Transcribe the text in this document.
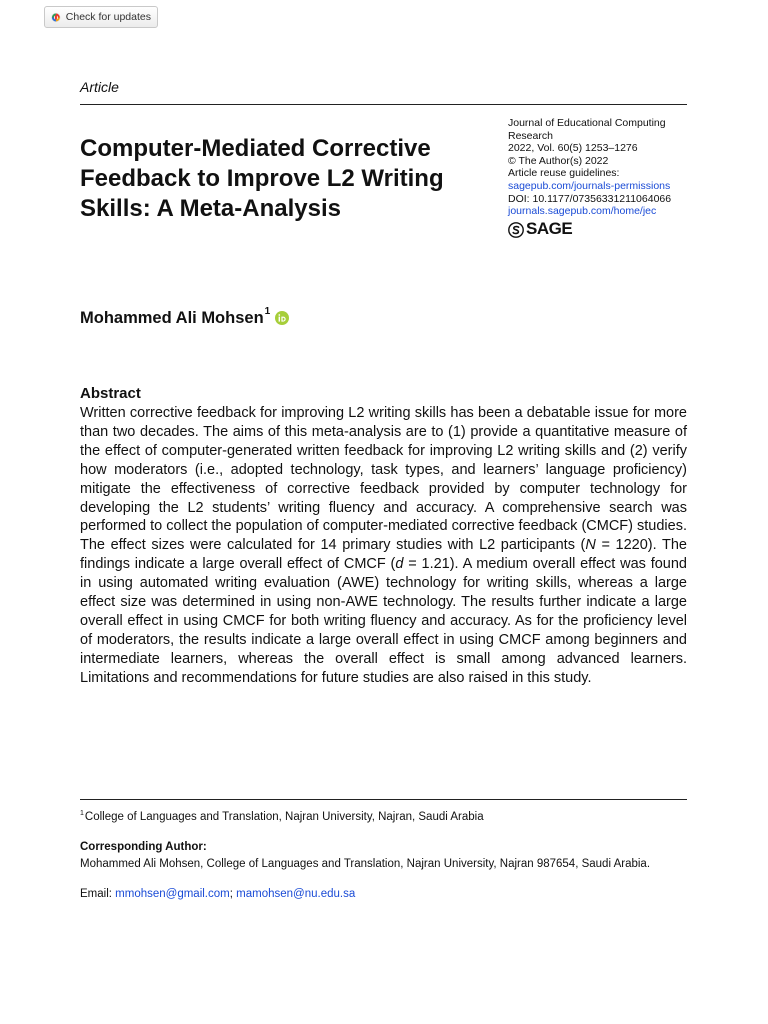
Check for updates
Article
Computer-Mediated Corrective Feedback to Improve L2 Writing Skills: A Meta-Analysis
Journal of Educational Computing
Research
2022, Vol. 60(5) 1253–1276
© The Author(s) 2022
Article reuse guidelines:
sagepub.com/journals-permissions
DOI: 10.1177/07356331211064066
journals.sagepub.com/home/jec
SAGE
Mohammed Ali Mohsen$^1$
Abstract

Written corrective feedback for improving L2 writing skills has been a debatable issue for more than two decades. The aims of this meta-analysis are to (1) provide a quantitative measure of the effect of computer-generated written feedback for improving L2 writing skills and (2) verify how moderators (i.e., adopted technology, task types, and learners’ language proficiency) mitigate the effectiveness of corrective feedback provided by computer technology for developing the L2 students’ writing fluency and accuracy. A comprehensive search was performed to collect the population of computer-mediated corrective feedback (CMCF) studies. The effect sizes were calculated for 14 primary studies with L2 participants (N = 1220). The findings indicate a large overall effect of CMCF (d = 1.21). A medium overall effect was found in using automated writing evaluation (AWE) technology for writing skills, whereas a large effect size was determined in using non-AWE technology. The results further indicate a large overall effect in using CMCF for both writing fluency and accuracy. As for the proficiency level of moderators, the results indicate a large overall effect in using CMCF among beginners and intermediate learners, whereas the overall effect is small among advanced learners. Limitations and recommendations for future studies are also raised in this study.

$^1$ College of Languages and Translation, Najran University, Najran, Saudi Arabia
Corresponding Author:

Mohammed Ali Mohsen, College of Languages and Translation, Najran University, Najran 987654, Saudi Arabia.

Email: mmohsen@gmail.com; mamohsen@nu.edu.sa
